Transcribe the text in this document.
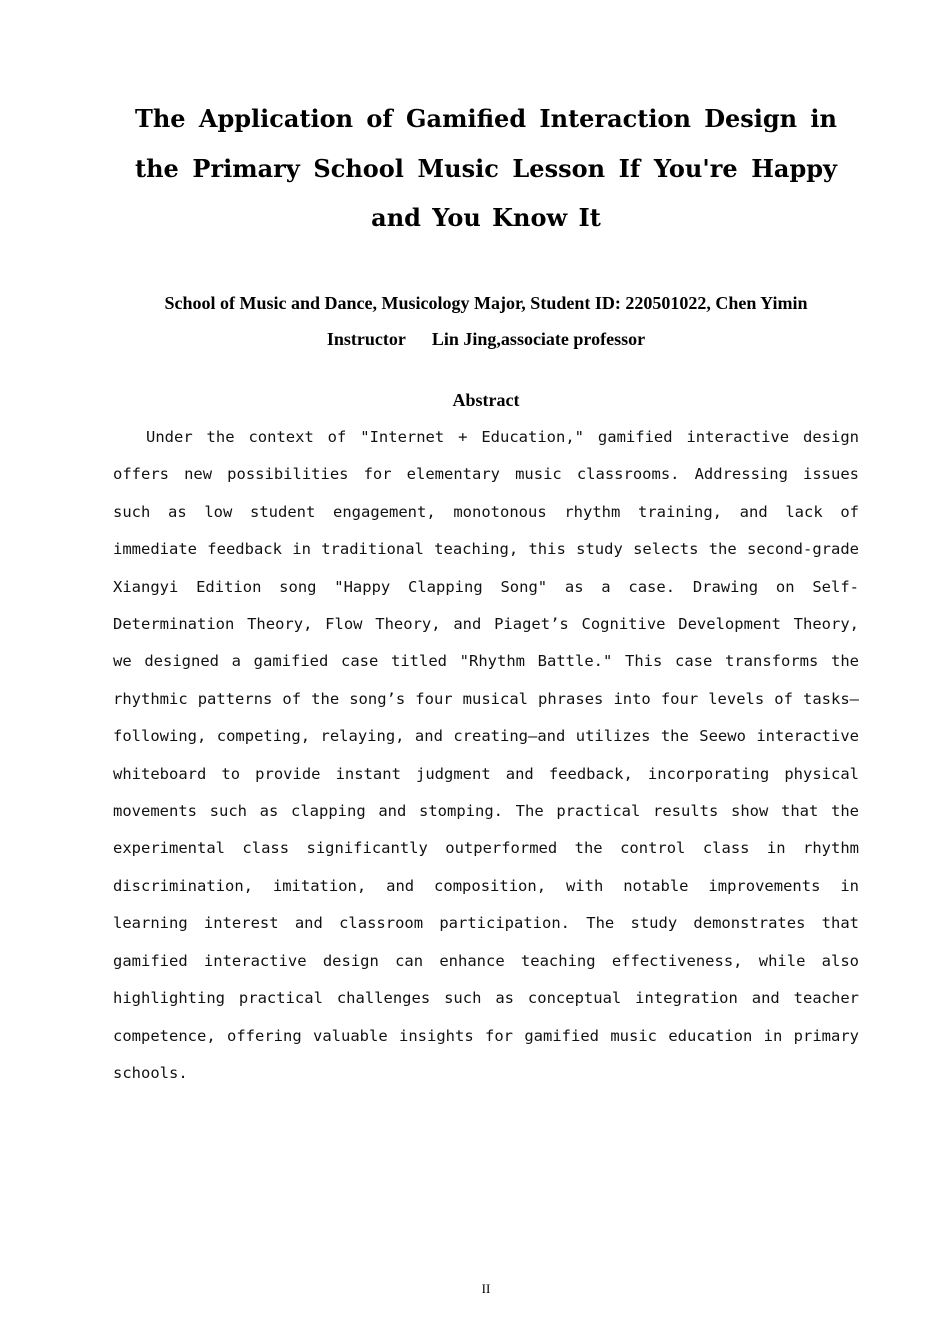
The Application of Gamified Interaction Design in the Primary School Music Lesson If You're Happy and You Know It

School of Music and Dance, Musicology Major, Student ID: 220501022, Chen Yimin

Instructor Lin Jing,associate professor

Abstract

Under the context of "Internet + Education," gamified interactive design offers new possibilities for elementary music classrooms. Addressing issues such as low student engagement, monotonous rhythm training, and lack of immediate feedback in traditional teaching, this study selects the second-grade Xiangyi Edition song "Happy Clapping Song" as a case. Drawing on Self-Determination Theory, Flow Theory, and Piaget’s Cognitive Development Theory, we designed a gamified case titled "Rhythm Battle." This case transforms the rhythmic patterns of the song’s four musical phrases into four levels of tasks—following, competing, relaying, and creating—and utilizes the Seewo interactive whiteboard to provide instant judgment and feedback, incorporating physical movements such as clapping and stomping. The practical results show that the experimental class significantly outperformed the control class in rhythm discrimination, imitation, and composition, with notable improvements in learning interest and classroom participation. The study demonstrates that gamified interactive design can enhance teaching effectiveness, while also highlighting practical challenges such as conceptual integration and teacher competence, offering valuable insights for gamified music education in primary schools.

II
